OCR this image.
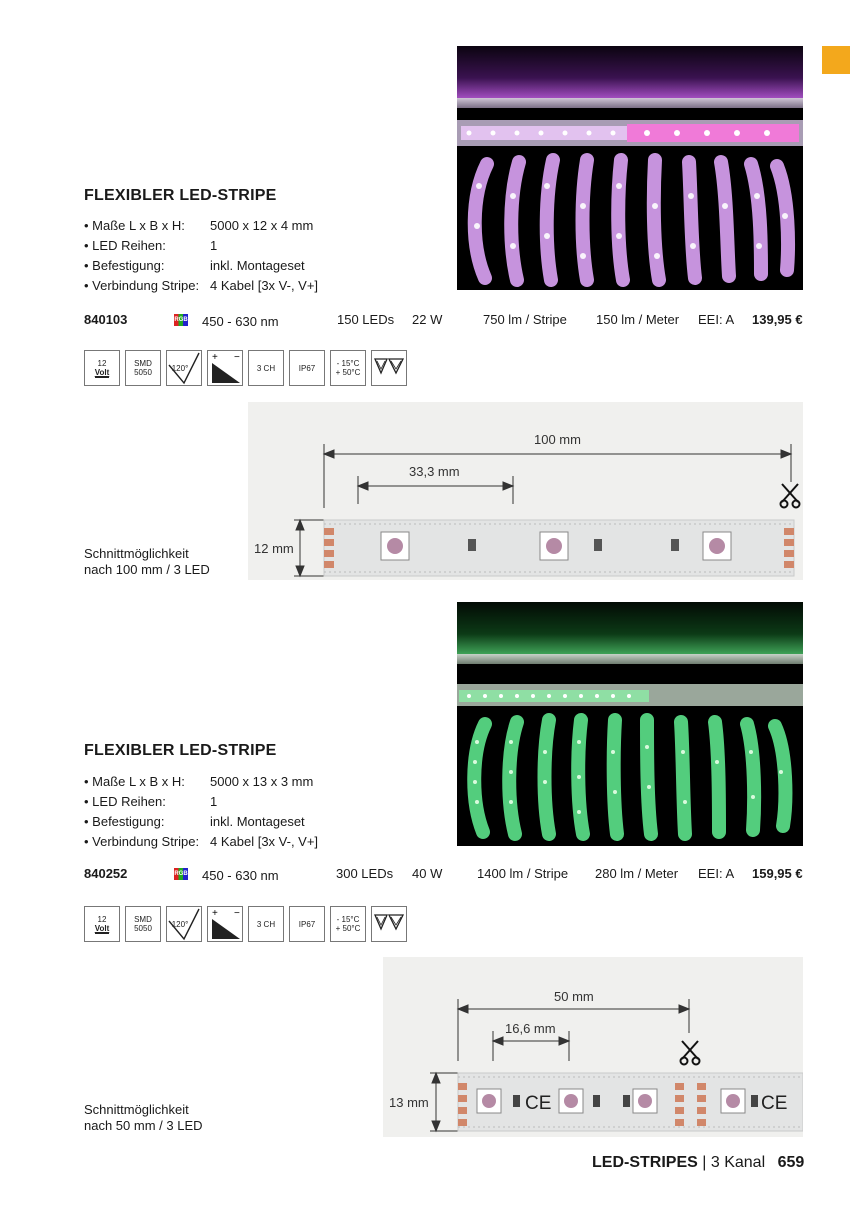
FLEXIBLER LED-STRIPE
• Maße L x B x H:	5000 x 12 x 4 mm
• LED Reihen:	1
• Befestigung:	inkl. Montageset
• Verbindung Stripe: 4 Kabel [3x V-, V+]
840103	RGB 450 - 630 nm	150 LEDs 22 W	750 lm / Stripe 150 lm / Meter EEI: A 139,95 €
12
Volt
SMD
5050 120°
+ −
3 CH	IP67	- 15°C
+ 50°C
100 mm
33,3 mm
12 mm
Schnittmöglichkeit
nach 100 mm / 3 LED
FLEXIBLER LED-STRIPE
• Maße L x B x H:	5000 x 13 x 3 mm
• LED Reihen:	1
• Befestigung:	inkl. Montageset
• Verbindung Stripe: 4 Kabel [3x V-, V+]
840252	RGB 450 - 630 nm	300 LEDs 40 W	1400 lm / Stripe 280 lm / Meter EEI: A 159,95 €
12
Volt
SMD
5050 120°
+ −
3 CH	IP67	- 15°C
+ 50°C
CE	CE
50 mm
16,6 mm
13 mm
Schnittmöglichkeit
nach 50 mm / 3 LED
LED-STRIPES | 3 Kanal 659
